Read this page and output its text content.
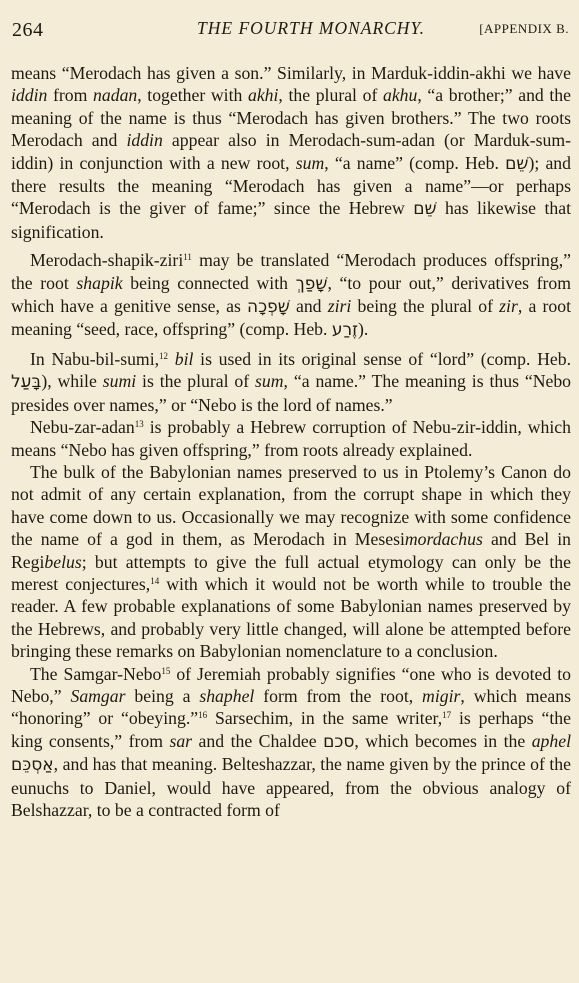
264	THE FOURTH MONARCHY.	[APPENDIX B.

means “Merodach has given a son.” Similarly, in Marduk-iddin-akhi we have iddin from nadan, together with akhi, the plural of akhu, “a brother;” and the meaning of the name is thus “Merodach has given brothers.” The two roots Merodach and iddin appear also in Merodach-sum-adan (or Marduk-sum-iddin) in conjunction with a new root, sum, “a name” (comp. Heb. שֵׁם); and there results the meaning “Merodach has given a name”—or perhaps “Merodach is the giver of fame;” since the Hebrew שֵׁם has likewise that signification.

Merodach-shapik-ziri$^{11}$ may be translated “Merodach produces offspring,” the root shapik being connected with שָׁפַךְ, “to pour out,” derivatives from which have a genitive sense, as שָׁפְכָה and ziri being the plural of zir, a root meaning “seed, race, offspring” (comp. Heb. זֶרַע).

In Nabu-bil-sumi,$^{12}$ bil is used in its original sense of “lord” (comp. Heb. בָּעַל), while sumi is the plural of sum, “a name.” The meaning is thus “Nebo presides over names,” or “Nebo is the lord of names.”

Nebu-zar-adan$^{13}$ is probably a Hebrew corruption of Nebu-zir-iddin, which means “Nebo has given offspring,” from roots already explained.

The bulk of the Babylonian names preserved to us in Ptolemy’s Canon do not admit of any certain explanation, from the corrupt shape in which they have come down to us. Occasionally we may recognize with some confidence the name of a god in them, as Merodach in Mesesimordachus and Bel in Regibelus; but attempts to give the full actual etymology can only be the merest conjectures,$^{14}$ with which it would not be worth while to trouble the reader. A few probable explanations of some Babylonian names preserved by the Hebrews, and probably very little changed, will alone be attempted before bringing these remarks on Babylonian nomenclature to a conclusion.

The Samgar-Nebo$^{15}$ of Jeremiah probably signifies “one who is devoted to Nebo,” Samgar being a shaphel form from the root, migir, which means “honoring” or “obeying.”$^{16}$ Sarsechim, in the same writer,$^{17}$ is perhaps “the king consents,” from sar and the Chaldee סכם, which becomes in the aphel אַסְכֵּם, and has that meaning. Belteshazzar, the name given by the prince of the eunuchs to Daniel, would have appeared, from the obvious analogy of Belshazzar, to be a contracted form of
